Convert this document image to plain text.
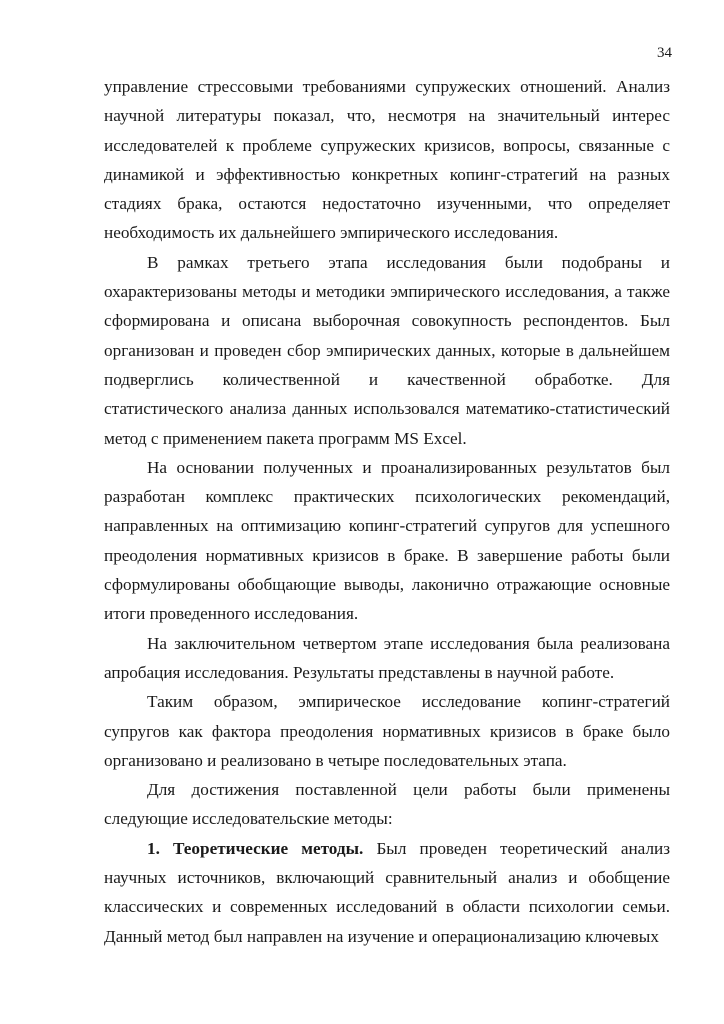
34

управление стрессовыми требованиями супружеских отношений. Анализ научной литературы показал, что, несмотря на значительный интерес исследователей к проблеме супружеских кризисов, вопросы, связанные с динамикой и эффективностью конкретных копинг-стратегий на разных стадиях брака, остаются недостаточно изученными, что определяет необходимость их дальнейшего эмпирического исследования.

В рамках третьего этапа исследования были подобраны и охарактеризованы методы и методики эмпирического исследования, а также сформирована и описана выборочная совокупность респондентов. Был организован и проведен сбор эмпирических данных, которые в дальнейшем подверглись количественной и качественной обработке. Для статистического анализа данных использовался математико-статистический метод с применением пакета программ MS Excel.

На основании полученных и проанализированных результатов был разработан комплекс практических психологических рекомендаций, направленных на оптимизацию копинг-стратегий супругов для успешного преодоления нормативных кризисов в браке. В завершение работы были сформулированы обобщающие выводы, лаконично отражающие основные итоги проведенного исследования.

На заключительном четвертом этапе исследования была реализована апробация исследования. Результаты представлены в научной работе.

Таким образом, эмпирическое исследование копинг-стратегий супругов как фактора преодоления нормативных кризисов в браке было организовано и реализовано в четыре последовательных этапа.

Для достижения поставленной цели работы были применены следующие исследовательские методы:

1. Теоретические методы. Был проведен теоретический анализ научных источников, включающий сравнительный анализ и обобщение классических и современных исследований в области психологии семьи. Данный метод был направлен на изучение и операционализацию ключевых
